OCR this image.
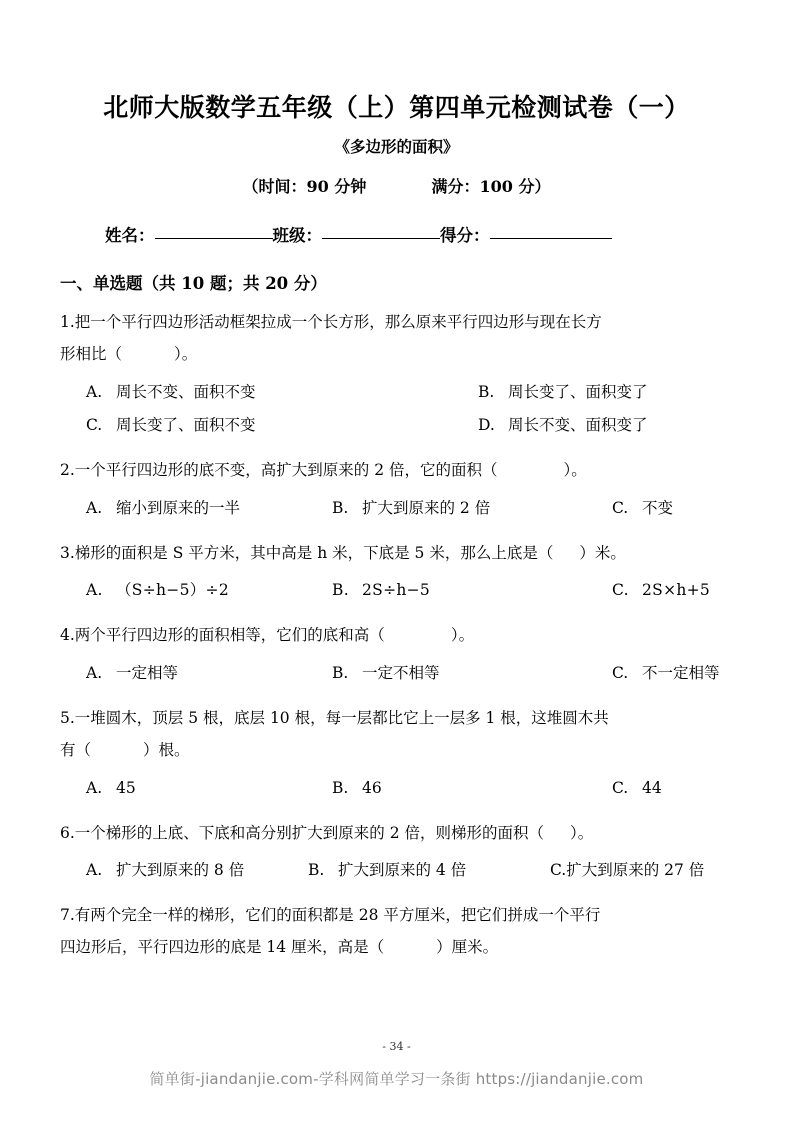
北师大版数学五年级（上）第四单元检测试卷（一）
《多边形的面积》
（时间：90 分钟	满分：100 分）
姓名：	班级：	得分：
一、单选题（共 10 题；共 20 分）

1.把一个平行四边形活动框架拉成一个长方形，那么原来平行四边形与现在长方
形相比（	）。

A. 周长不变、面积不变	B. 周长变了、面积变了
C. 周长变了、面积不变	D. 周长不变、面积变了

2.一个平行四边形的底不变，高扩大到原来的 2 倍，它的面积（	）。

A. 缩小到原来的一半	B. 扩大到原来的 2 倍	C. 不变

3.梯形的面积是 S 平方米，其中高是 h 米，下底是 5 米，那么上底是（ ）米。

A. （S÷h−5）÷2	B. 2S÷h−5	C. 2S×h+5

4.两个平行四边形的面积相等，它们的底和高（	）。

A. 一定相等	B. 一定不相等	C. 不一定相等

5.一堆圆木，顶层 5 根，底层 10 根，每一层都比它上一层多 1 根，这堆圆木共
有（	）根。

A. 45	B. 46	C. 44

6.一个梯形的上底、下底和高分别扩大到原来的 2 倍，则梯形的面积（ ）。

A. 扩大到原来的 8 倍	B. 扩大到原来的 4 倍	C.扩大到原来的 27 倍

7.有两个完全一样的梯形，它们的面积都是 28 平方厘米，把它们拼成一个平行
四边形后，平行四边形的底是 14 厘米，高是（	）厘米。

- 34 -
简单街-jiandanjie.com-学科网简单学习一条街 https://jiandanjie.com
